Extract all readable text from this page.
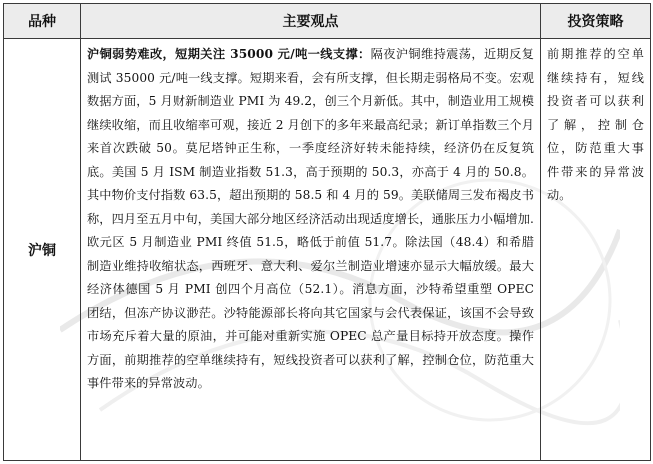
品种	主要观点	投资策略
沪铜	沪铜弱势难改，短期关注 35000 元/吨一线支撑：隔夜沪铜维持震荡，近期反复测试 35000 元/吨一线支撑。短期来看，会有所支撑，但长期走弱格局不变。宏观数据方面，5 月财新制造业 PMI 为 49.2，创三个月新低。其中，制造业用工规模继续收缩，而且收缩率可观，接近 2 月创下的多年来最高纪录；新订单指数三个月来首次跌破 50。莫尼塔钟正生称，一季度经济好转未能持续，经济仍在反复筑底。美国 5 月 ISM 制造业指数 51.3，高于预期的 50.3，亦高于 4 月的 50.8。其中物价支付指数 63.5，超出预期的 58.5 和 4 月的 59。美联储周三发布褐皮书称，四月至五月中旬，美国大部分地区经济活动出现适度增长，通胀压力小幅增加.欧元区 5 月制造业 PMI 终值 51.5，略低于前值 51.7。除法国（48.4）和希腊制造业维持收缩状态，西班牙、意大利、爱尔兰制造业增速亦显示大幅放缓。最大经济体德国 5 月 PMI 创四个月高位（52.1）。消息方面，沙特希望重塑 OPEC 团结，但冻产协议渺茫。沙特能源部长将向其它国家与会代表保证，该国不会导致市场充斥着大量的原油，并可能对重新实施 OPEC 总产量目标持开放态度。操作方面，前期推荐的空单继续持有，短线投资者可以获利了解，控制仓位，防范重大事件带来的异常波动。	前期推荐的空单继续持有，短线投资者可以获利了解，控制仓位，防范重大事件带来的异常波动。
